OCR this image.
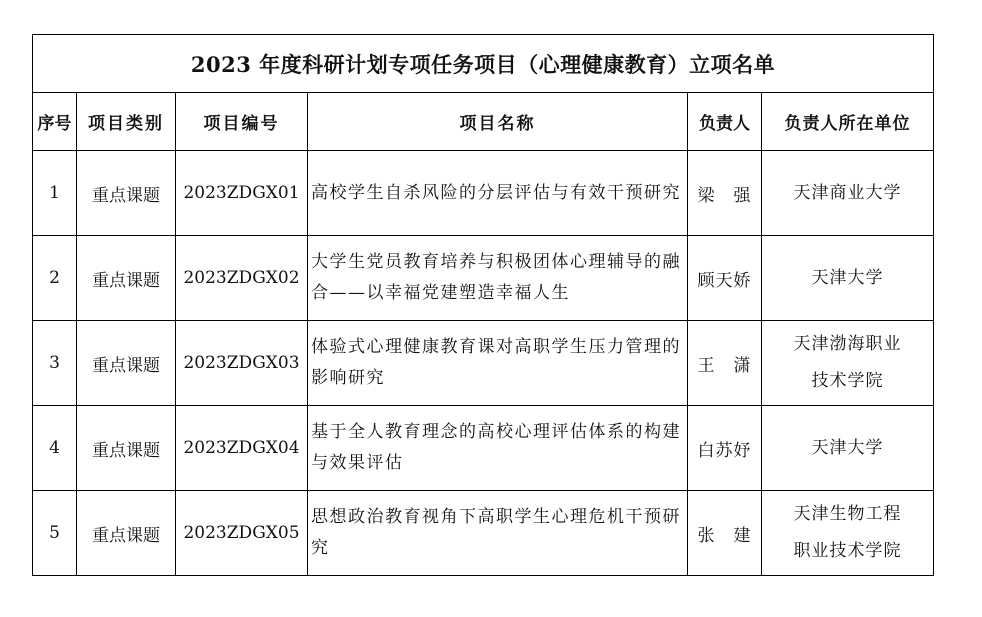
2023 年度科研计划专项任务项目（心理健康教育）立项名单					
序号	项目类别	项目编号	项目名称	负责人	负责人所在单位
1	重点课题	2023ZDGX01	高校学生自杀风险的分层评估与有效干预研究	梁　强	天津商业大学

2	重点课题	2023ZDGX02	大学生党员教育培养与积极团体心理辅导的融合——以幸福党建塑造幸福人生	顾天娇	天津大学

3	重点课题	2023ZDGX03	体验式心理健康教育课对高职学生压力管理的影响研究	王　潇	天津渤海职业
技术学院

4	重点课题	2023ZDGX04	基于全人教育理念的高校心理评估体系的构建与效果评估	白苏妤	天津大学

5	重点课题	2023ZDGX05	思想政治教育视角下高职学生心理危机干预研究	张　建	天津生物工程
职业技术学院
